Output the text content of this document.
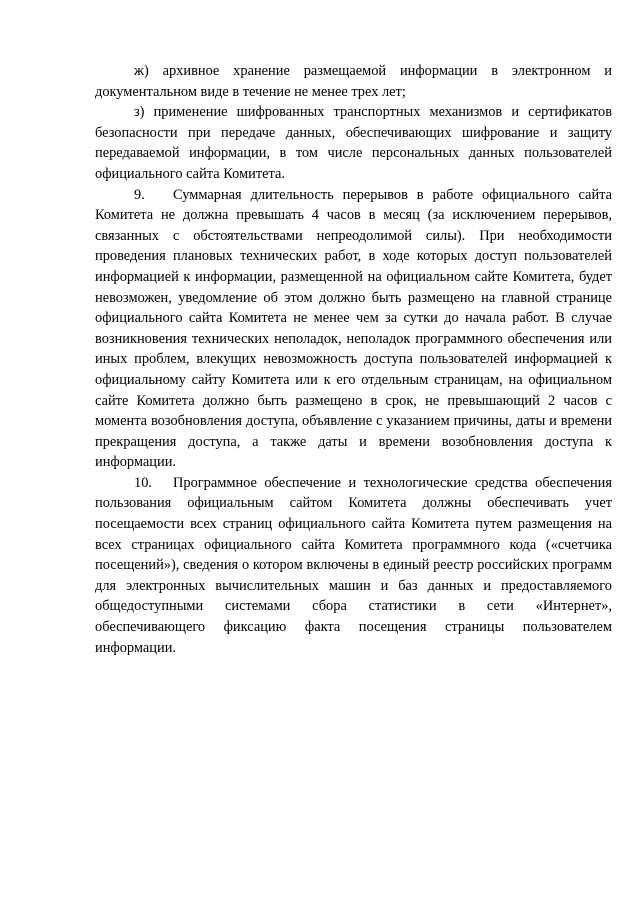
ж) архивное хранение размещаемой информации в электронном и документальном виде в течение не менее трех лет;

з) применение шифрованных транспортных механизмов и сертификатов безопасности при передаче данных, обеспечивающих шифрование и защиту передаваемой информации, в том числе персональных данных пользователей официального сайта Комитета.

9. Суммарная длительность перерывов в работе официального сайта Комитета не должна превышать 4 часов в месяц (за исключением перерывов, связанных с обстоятельствами непреодолимой силы). При необходимости проведения плановых технических работ, в ходе которых доступ пользователей информацией к информации, размещенной на официальном сайте Комитета, будет невозможен, уведомление об этом должно быть размещено на главной странице официального сайта Комитета не менее чем за сутки до начала работ. В случае возникновения технических неполадок, неполадок программного обеспечения или иных проблем, влекущих невозможность доступа пользователей информацией к официальному сайту Комитета или к его отдельным страницам, на официальном сайте Комитета должно быть размещено в срок, не превышающий 2 часов с момента возобновления доступа, объявление с указанием причины, даты и времени прекращения доступа, а также даты и времени возобновления доступа к информации.

10. Программное обеспечение и технологические средства обеспечения пользования официальным сайтом Комитета должны обеспечивать учет посещаемости всех страниц официального сайта Комитета путем размещения на всех страницах официального сайта Комитета программного кода («счетчика посещений»), сведения о котором включены в единый реестр российских программ для электронных вычислительных машин и баз данных и предоставляемого общедоступными системами сбора статистики в сети «Интернет», обеспечивающего фиксацию факта посещения страницы пользователем информации.
